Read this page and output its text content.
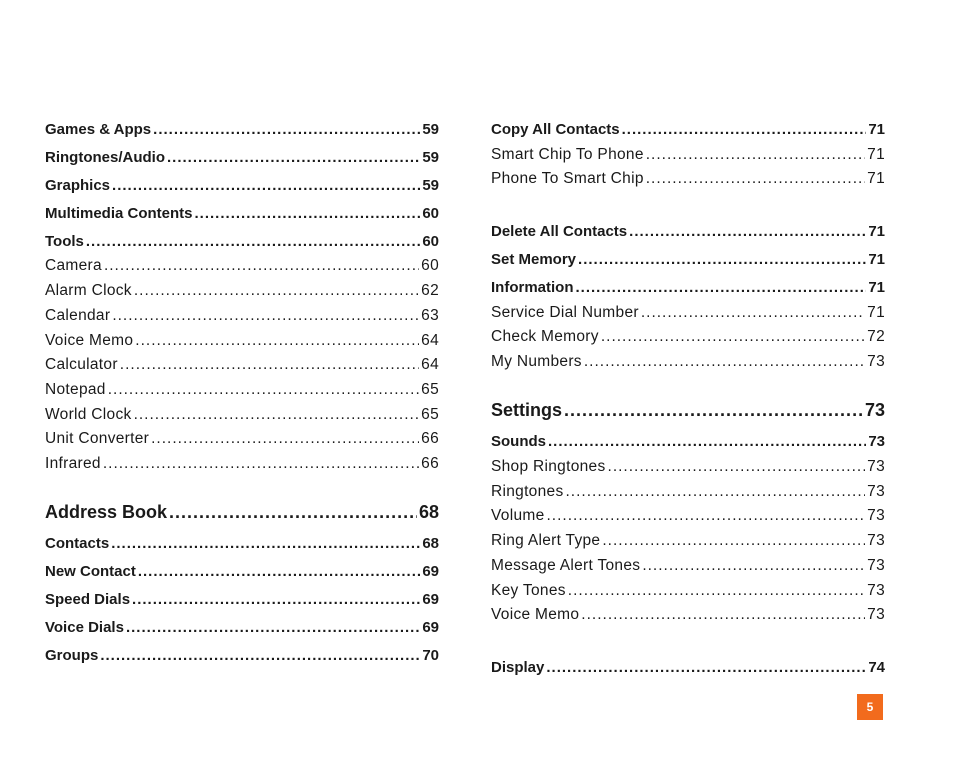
Games & Apps .....	59
Ringtones/Audio .....	59
Graphics .....	59
Multimedia Contents .....	60
Tools .....	60
Camera .....	60
Alarm Clock .....	62
Calendar .....	63
Voice Memo .....	64
Calculator .....	64
Notepad .....	65
World Clock .....	65
Unit Converter .....	66
Infrared .....	66
Address Book .....	68
Contacts .....	68
New Contact .....	69
Speed Dials .....	69
Voice Dials .....	69
Groups .....	70
Copy All Contacts .....	71
Smart Chip To Phone .....	71
Phone To Smart Chip .....	71
Delete All Contacts .....	71
Set Memory .....	71
Information .....	71
Service Dial Number .....	71
Check Memory .....	72
My Numbers .....	73
Settings .....	73
Sounds .....	73
Shop Ringtones .....	73
Ringtones .....	73
Volume .....	73
Ring Alert Type .....	73
Message Alert Tones .....	73
Key Tones .....	73
Voice Memo .....	73
Display .....	74
5
